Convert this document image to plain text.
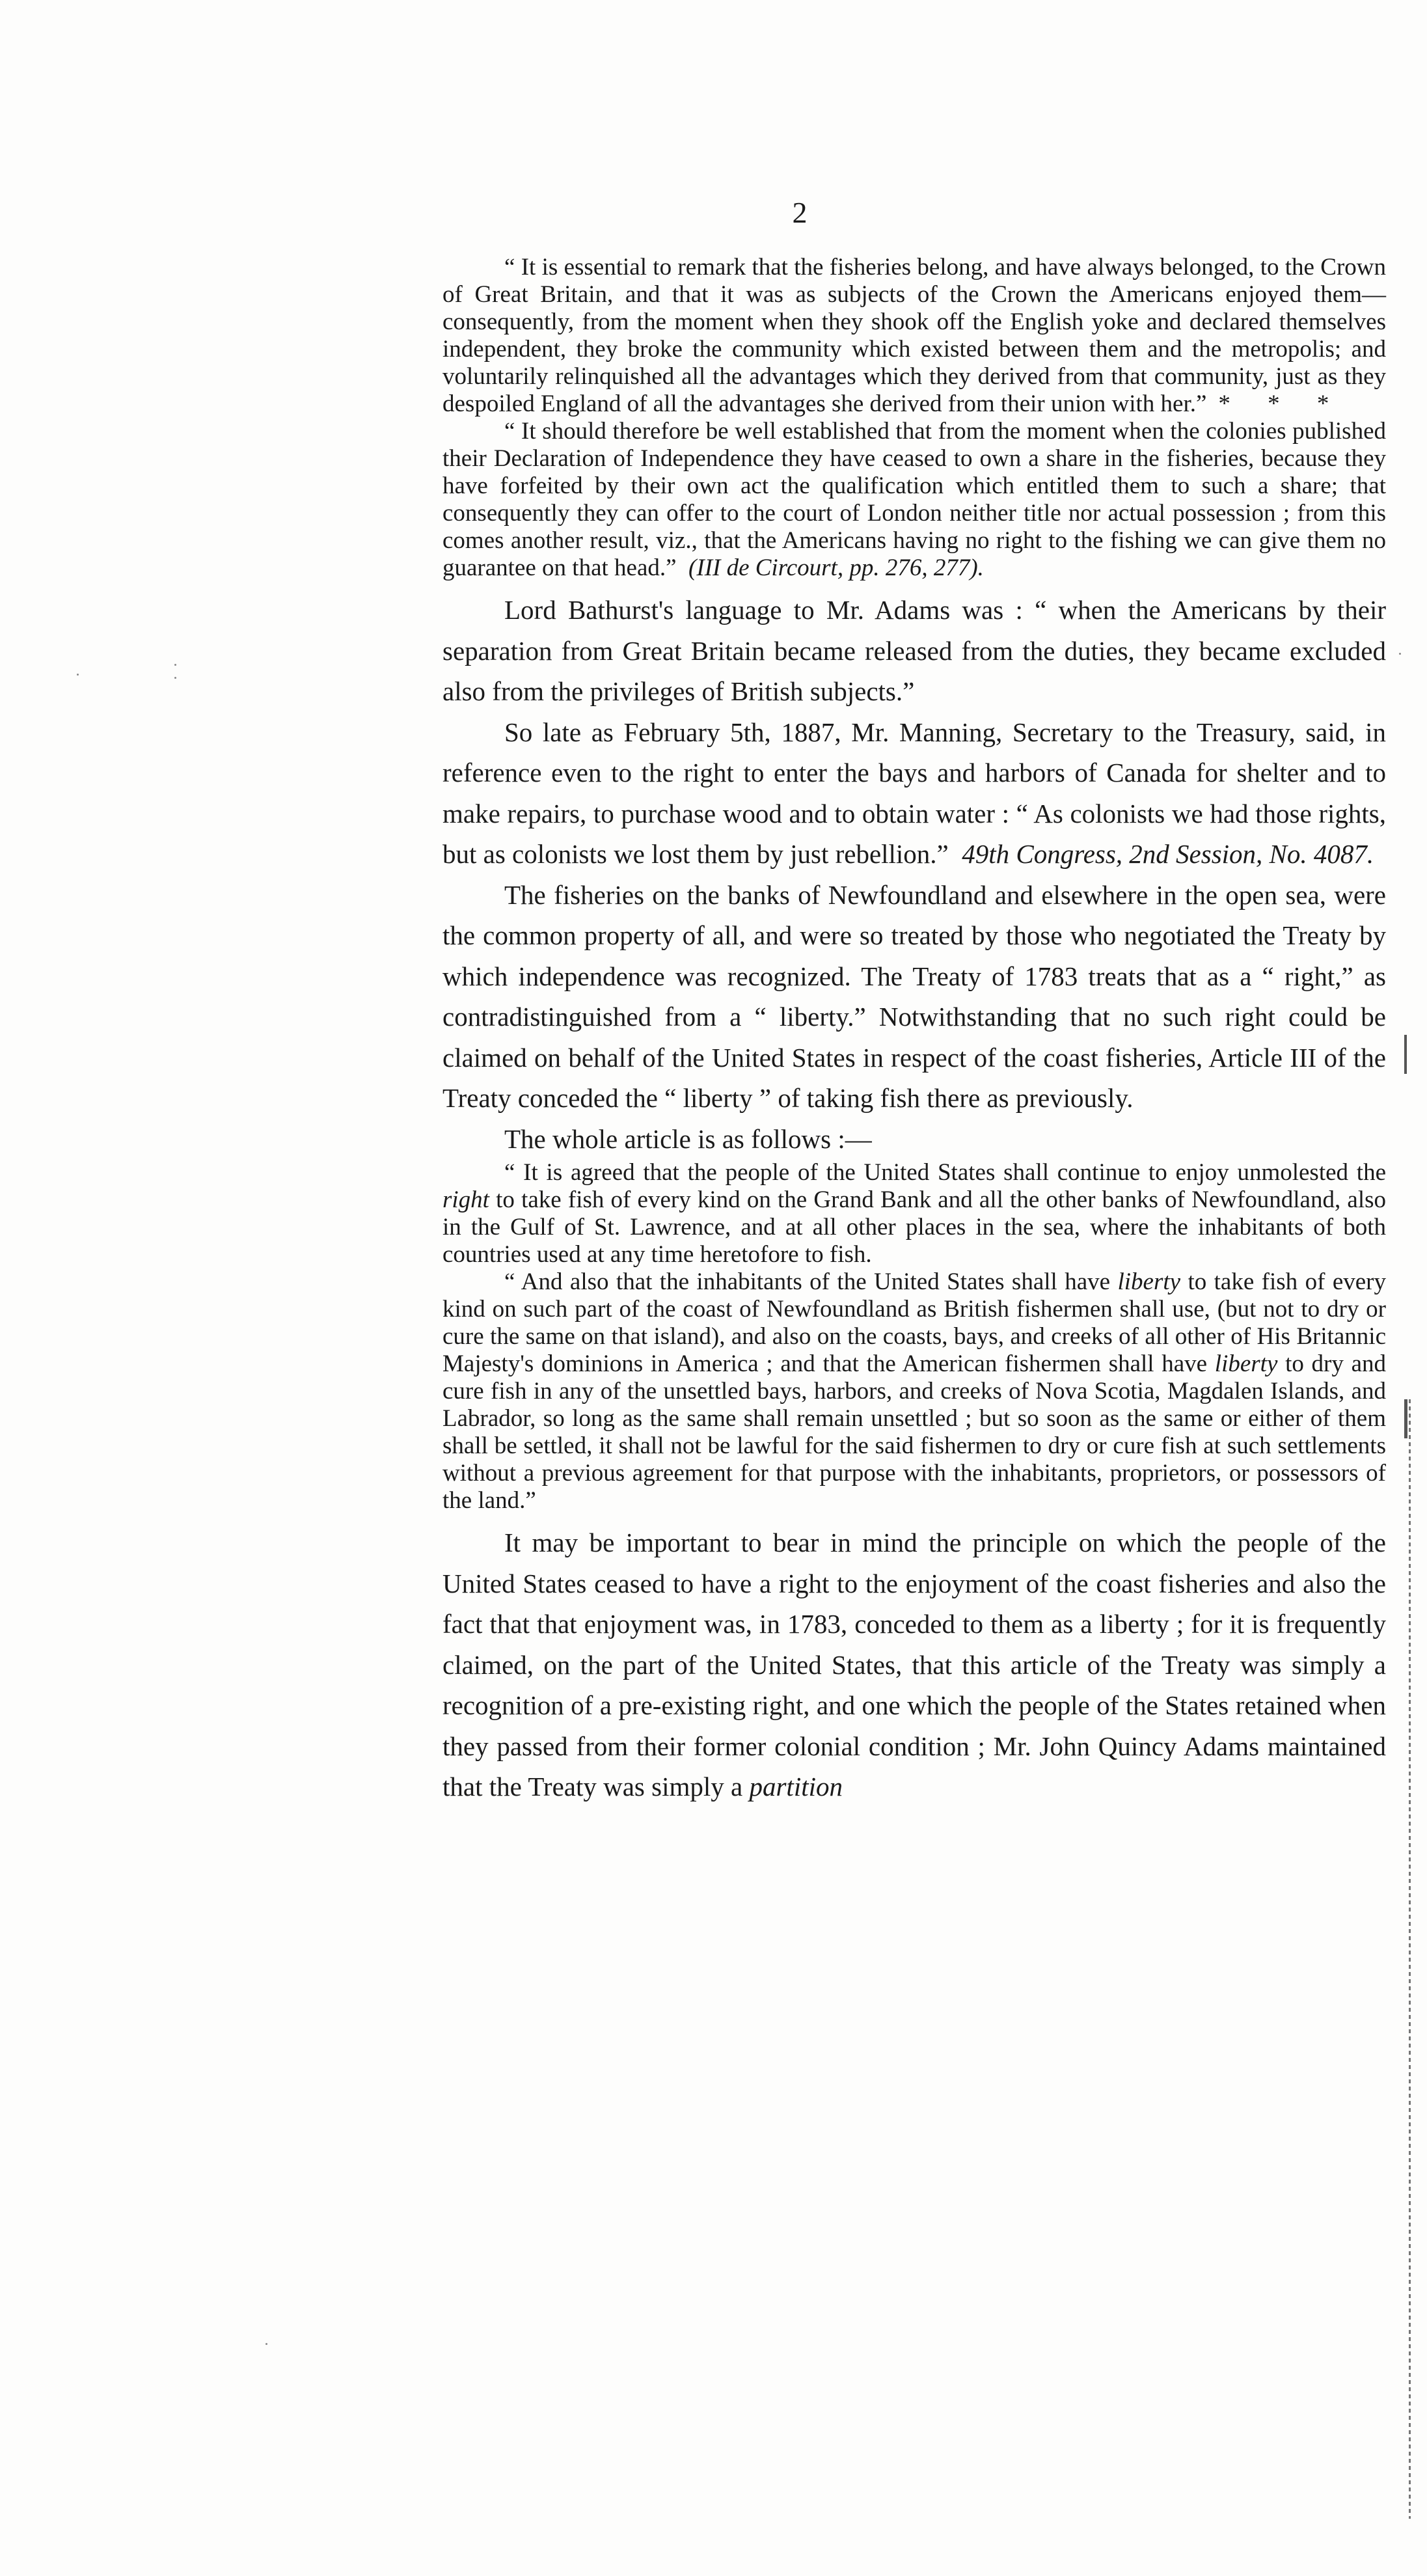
2

“ It is essential to remark that the fisheries belong, and have always belonged, to the Crown of Great Britain, and that it was as subjects of the Crown the Americans enjoyed them—consequently, from the moment when they shook off the English yoke and declared themselves independent, they broke the community which existed between them and the metropolis; and voluntarily relinquished all the advantages which they derived from that community, just as they despoiled England of all the advantages she derived from their union with her.” * * *

“ It should therefore be well established that from the moment when the colonies published their Declaration of Independence they have ceased to own a share in the fisheries, because they have forfeited by their own act the qualification which entitled them to such a share; that consequently they can offer to the court of London neither title nor actual possession ; from this comes another result, viz., that the Americans having no right to the fishing we can give them no guarantee on that head.” (III de Circourt, pp. 276, 277).

Lord Bathurst's language to Mr. Adams was : “ when the Americans by their separation from Great Britain became released from the duties, they became excluded also from the privileges of British subjects.”

So late as February 5th, 1887, Mr. Manning, Secretary to the Treasury, said, in reference even to the right to enter the bays and harbors of Canada for shelter and to make repairs, to purchase wood and to obtain water : “ As colonists we had those rights, but as colonists we lost them by just rebellion.” 49th Congress, 2nd Session, No. 4087.

The fisheries on the banks of Newfoundland and elsewhere in the open sea, were the common property of all, and were so treated by those who negotiated the Treaty by which independence was recognized. The Treaty of 1783 treats that as a “ right,” as contradistinguished from a “ liberty.” Notwithstanding that no such right could be claimed on behalf of the United States in respect of the coast fisheries, Article III of the Treaty conceded the “ liberty ” of taking fish there as previously.

The whole article is as follows :—

“ It is agreed that the people of the United States shall continue to enjoy unmolested the right to take fish of every kind on the Grand Bank and all the other banks of Newfoundland, also in the Gulf of St. Lawrence, and at all other places in the sea, where the inhabitants of both countries used at any time heretofore to fish.

“ And also that the inhabitants of the United States shall have liberty to take fish of every kind on such part of the coast of Newfoundland as British fishermen shall use, (but not to dry or cure the same on that island), and also on the coasts, bays, and creeks of all other of His Britannic Majesty's dominions in America ; and that the American fishermen shall have liberty to dry and cure fish in any of the unsettled bays, harbors, and creeks of Nova Scotia, Magdalen Islands, and Labrador, so long as the same shall remain unsettled ; but so soon as the same or either of them shall be settled, it shall not be lawful for the said fishermen to dry or cure fish at such settlements without a previous agreement for that purpose with the inhabitants, proprietors, or possessors of the land.”

It may be important to bear in mind the principle on which the people of the United States ceased to have a right to the enjoyment of the coast fisheries and also the fact that that enjoyment was, in 1783, conceded to them as a liberty ; for it is frequently claimed, on the part of the United States, that this article of the Treaty was simply a recognition of a pre-existing right, and one which the people of the States retained when they passed from their former colonial condition ; Mr. John Quincy Adams maintained that the Treaty was simply a partition
